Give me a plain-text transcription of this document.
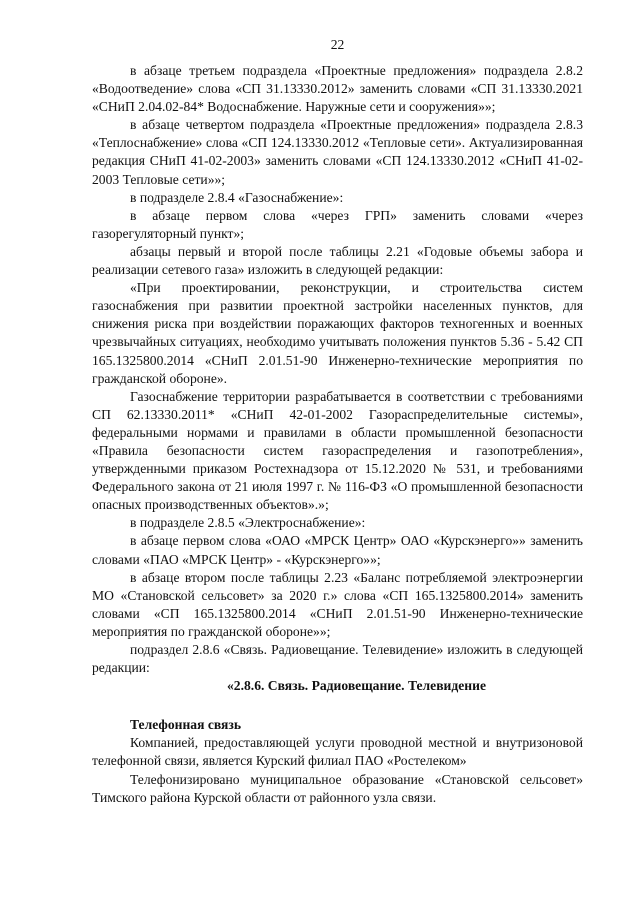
22

в абзаце третьем подраздела «Проектные предложения» подраздела 2.8.2 «Водоотведение» слова «СП 31.13330.2012» заменить словами «СП 31.13330.2021 «СНиП 2.04.02-84* Водоснабжение. Наружные сети и сооружения»»;

в абзаце четвертом подраздела «Проектные предложения» подраздела 2.8.3 «Теплоснабжение» слова «СП 124.13330.2012 «Тепловые сети». Актуализированная редакция СНиП 41-02-2003» заменить словами «СП 124.13330.2012 «СНиП 41-02-2003 Тепловые сети»»;

в подразделе 2.8.4 «Газоснабжение»:

в абзаце первом слова «через ГРП» заменить словами «через газорегуляторный пункт»;

абзацы первый и второй после таблицы 2.21 «Годовые объемы забора и реализации сетевого газа» изложить в следующей редакции:

«При проектировании, реконструкции, и строительства систем газоснабжения при развитии проектной застройки населенных пунктов, для снижения риска при воздействии поражающих факторов техногенных и военных чрезвычайных ситуациях, необходимо учитывать положения пунктов 5.36 - 5.42 СП 165.1325800.2014 «СНиП 2.01.51-90 Инженерно-технические мероприятия по гражданской обороне».

Газоснабжение территории разрабатывается в соответствии с требованиями СП 62.13330.2011* «СНиП 42-01-2002 Газораспределительные системы», федеральными нормами и правилами в области промышленной безопасности «Правила безопасности систем газораспределения и газопотребления», утвержденными приказом Ростехнадзора от 15.12.2020 № 531, и требованиями Федерального закона от 21 июля 1997 г. № 116-ФЗ «О промышленной безопасности опасных производственных объектов».»;

в подразделе 2.8.5 «Электроснабжение»:

в абзаце первом слова «ОАО «МРСК Центр» ОАО «Курскэнерго»» заменить словами «ПАО «МРСК Центр» - «Курскэнерго»»;

в абзаце втором после таблицы 2.23 «Баланс потребляемой электроэнергии МО «Становской сельсовет» за 2020 г.» слова «СП 165.1325800.2014» заменить словами «СП 165.1325800.2014 «СНиП 2.01.51-90 Инженерно-технические мероприятия по гражданской обороне»»;

подраздел 2.8.6 «Связь. Радиовещание. Телевидение» изложить в следующей редакции:

«2.8.6. Связь. Радиовещание. Телевидение

Телефонная связь

Компанией, предоставляющей услуги проводной местной и внутризоновой телефонной связи, является Курский филиал ПАО «Ростелеком»

Телефонизировано муниципальное образование «Становской сельсовет» Тимского района Курской области от районного узла связи.
